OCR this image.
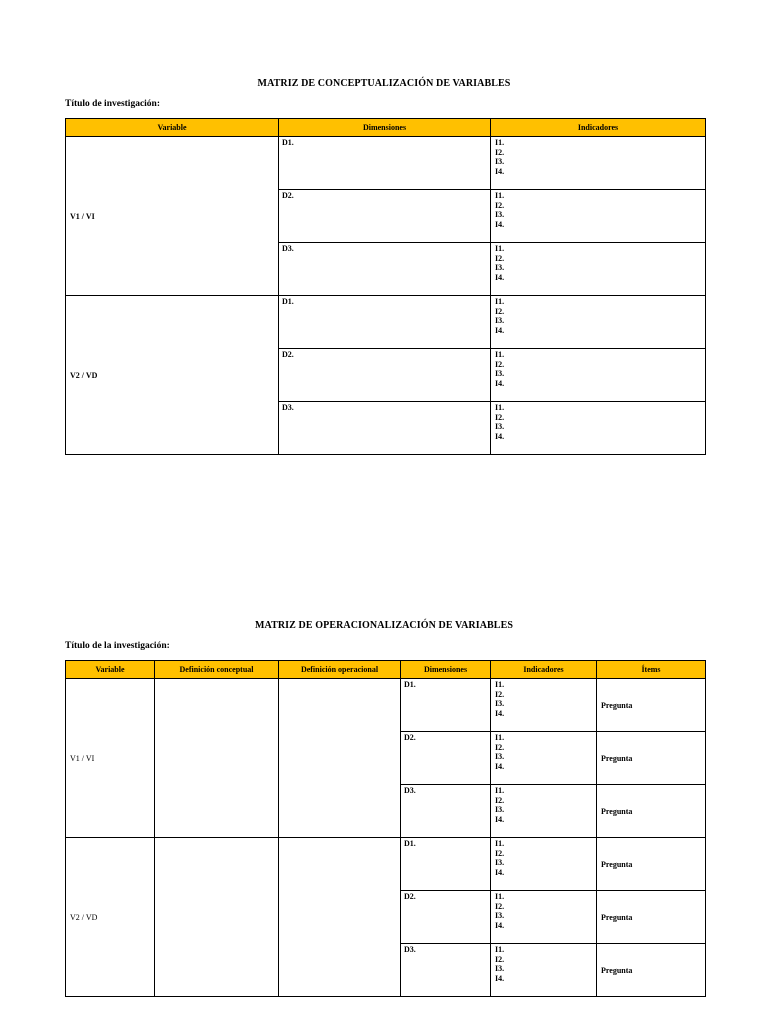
MATRIZ DE CONCEPTUALIZACIÓN DE VARIABLES
Título de investigación:
Variable	Dimensiones	Indicadores
V1 / VI	D1.	I1.
I2.
I3.
I4.

	D2.	I1.
I2.
I3.
I4.

	D3.	I1.
I2.
I3.
I4.

V2 / VD	D1.	I1.
I2.
I3.
I4.

	D2.	I1.
I2.
I3.
I4.

	D3.	I1.
I2.
I3.
I4.
MATRIZ DE OPERACIONALIZACIÓN DE VARIABLES
Título de la investigación:
Variable	Definición conceptual	Definición operacional	Dimensiones	Indicadores	Ítems
V1 / VI			D1.	I1.
I2.
I3.
I4.	Pregunta
			D2.	I1.
I2.
I3.
I4.	Pregunta
			D3.	I1.
I2.
I3.
I4.	Pregunta
V2 / VD			D1.	I1.
I2.
I3.
I4.	Pregunta
			D2.	I1.
I2.
I3.
I4.	Pregunta
			D3.	I1.
I2.
I3.
I4.	Pregunta
